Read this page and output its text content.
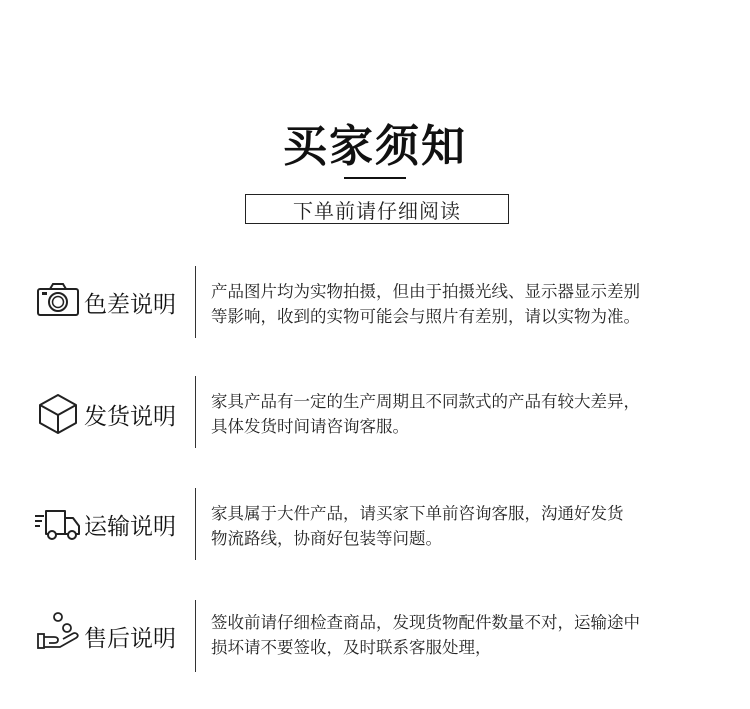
买家须知
下单前请仔细阅读
色差说明
产品图片均为实物拍摄，但由于拍摄光线、显示器显示差别
等影响，收到的实物可能会与照片有差别，请以实物为准。
发货说明
家具产品有一定的生产周期且不同款式的产品有较大差异，
具体发货时间请咨询客服。
运输说明
家具属于大件产品，请买家下单前咨询客服，沟通好发货
物流路线，协商好包装等问题。
售后说明
签收前请仔细检查商品，发现货物配件数量不对，运输途中
损坏请不要签收，及时联系客服处理，
